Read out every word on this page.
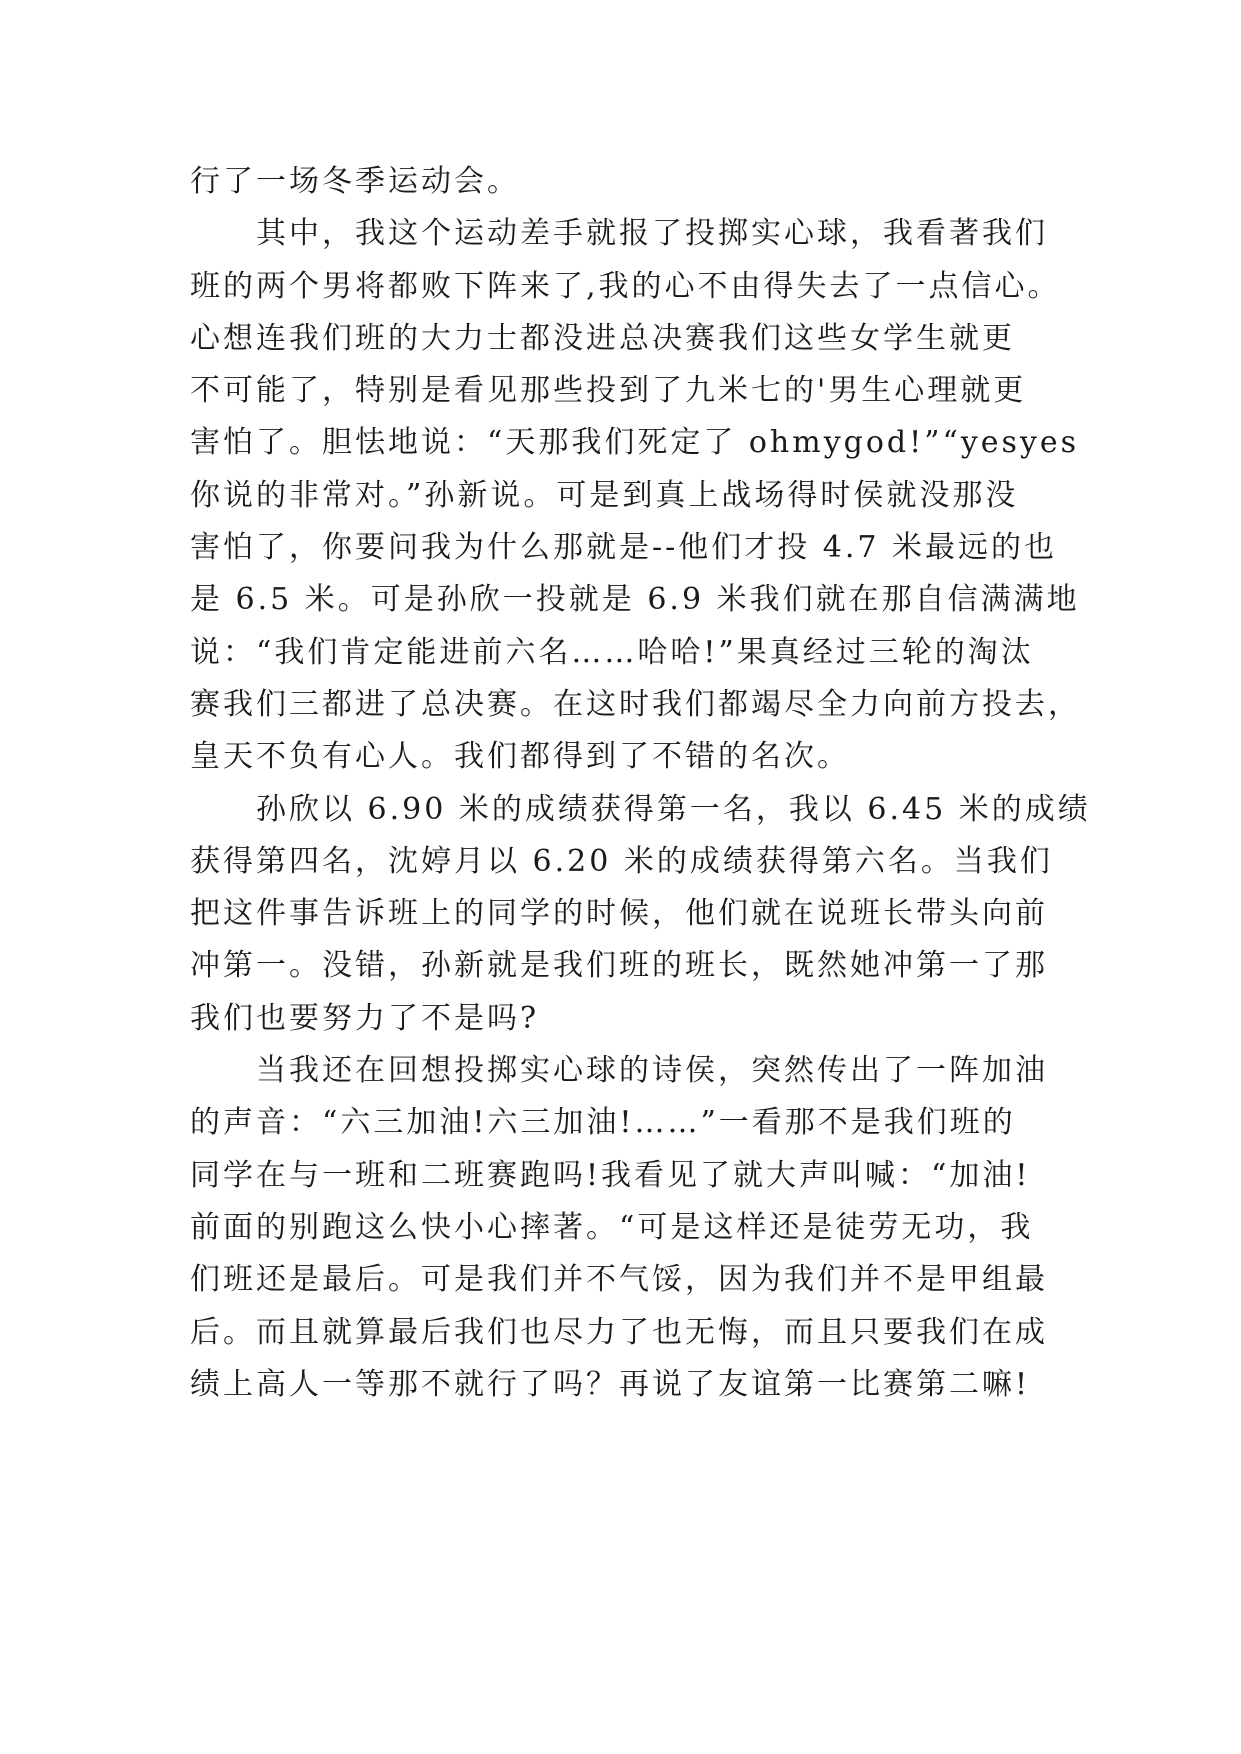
行了一场冬季运动会。
　　其中，我这个运动差手就报了投掷实心球，我看著我们
班的两个男将都败下阵来了,我的心不由得失去了一点信心。
心想连我们班的大力士都没进总决赛我们这些女学生就更
不可能了，特别是看见那些投到了九米七的'男生心理就更
害怕了。胆怯地说：“天那我们死定了 ohmygod!”“yesyes
你说的非常对。”孙新说。可是到真上战场得时侯就没那没
害怕了，你要问我为什么那就是--他们才投 4.7 米最远的也
是 6.5 米。可是孙欣一投就是 6.9 米我们就在那自信满满地
说：“我们肯定能进前六名……哈哈!”果真经过三轮的淘汰
赛我们三都进了总决赛。在这时我们都竭尽全力向前方投去，
皇天不负有心人。我们都得到了不错的名次。
　　孙欣以 6.90 米的成绩获得第一名，我以 6.45 米的成绩
获得第四名，沈婷月以 6.20 米的成绩获得第六名。当我们
把这件事告诉班上的同学的时候，他们就在说班长带头向前
冲第一。没错，孙新就是我们班的班长，既然她冲第一了那
我们也要努力了不是吗?
　　当我还在回想投掷实心球的诗侯，突然传出了一阵加油
的声音：“六三加油!六三加油!……”一看那不是我们班的
同学在与一班和二班赛跑吗!我看见了就大声叫喊：“加油!
前面的别跑这么快小心摔著。“可是这样还是徒劳无功，我
们班还是最后。可是我们并不气馁，因为我们并不是甲组最
后。而且就算最后我们也尽力了也无悔，而且只要我们在成
绩上高人一等那不就行了吗？再说了友谊第一比赛第二嘛!
